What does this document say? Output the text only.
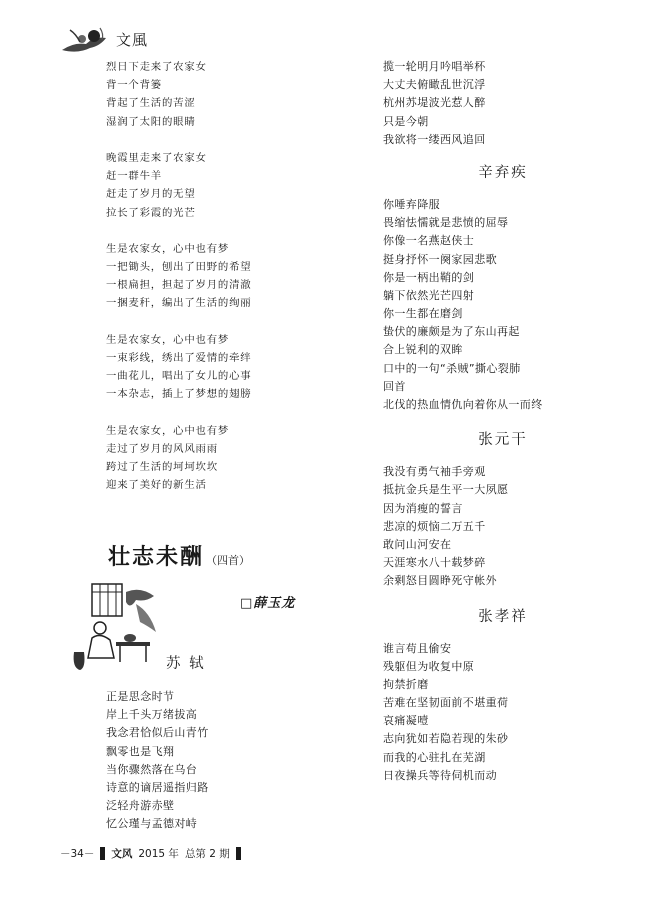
文風
烈日下走来了农家女
背一个背篓
背起了生活的苦涩
湿润了太阳的眼睛
晚霞里走来了农家女
赶一群牛羊
赶走了岁月的无望
拉长了彩霞的光芒
生是农家女，心中也有梦
一把锄头，刨出了田野的希望
一根扁担，担起了岁月的清澈
一捆麦秆，编出了生活的绚丽
生是农家女，心中也有梦
一束彩线，绣出了爱情的牵绊
一曲花儿，唱出了女儿的心事
一本杂志，插上了梦想的翅膀
生是农家女，心中也有梦
走过了岁月的风风雨雨
跨过了生活的坷坷坎坎
迎来了美好的新生活
壮志未酬 （四首）
□薛玉龙
苏 轼
正是思念时节
岸上千头万绪拔高
我念君恰似后山青竹
飘零也是飞翔
当你骤然落在乌台
诗意的谪居遥指归路
泛轻舟游赤壁
忆公瑾与孟德对峙
揽一轮明月吟唱举杯
大丈夫俯瞰乱世沉浮
杭州苏堤波光惹人醉
只是今朝
我欲将一缕西风追回
辛弃疾
你唾弃降服
畏缩怯懦就是悲愤的屈辱
你像一名燕赵侠士
挺身抒怀一阕家园悲歌
你是一柄出鞘的剑
躺下依然光芒四射
你一生都在磨剑
蛰伏的廉颇是为了东山再起
合上锐利的双眸
口中的一句“杀贼”撕心裂肺
回首
北伐的热血情仇向着你从一而终
张元干
我没有勇气袖手旁观
抵抗金兵是生平一大夙愿
因为消瘦的誓言
悲凉的烦恼二万五千
敢问山河安在
天涯寒水八十载梦碎
余剩怒目圆睁死守帐外
张孝祥
谁言苟且偷安
残躯但为收复中原
拘禁折磨
苦难在坚韧面前不堪重荷
哀痛凝噎
志向犹如若隐若现的朱砂
而我的心驻扎在芜湖
日夜操兵等待伺机而动
－34－ 文风 2015 年 总第 2 期
